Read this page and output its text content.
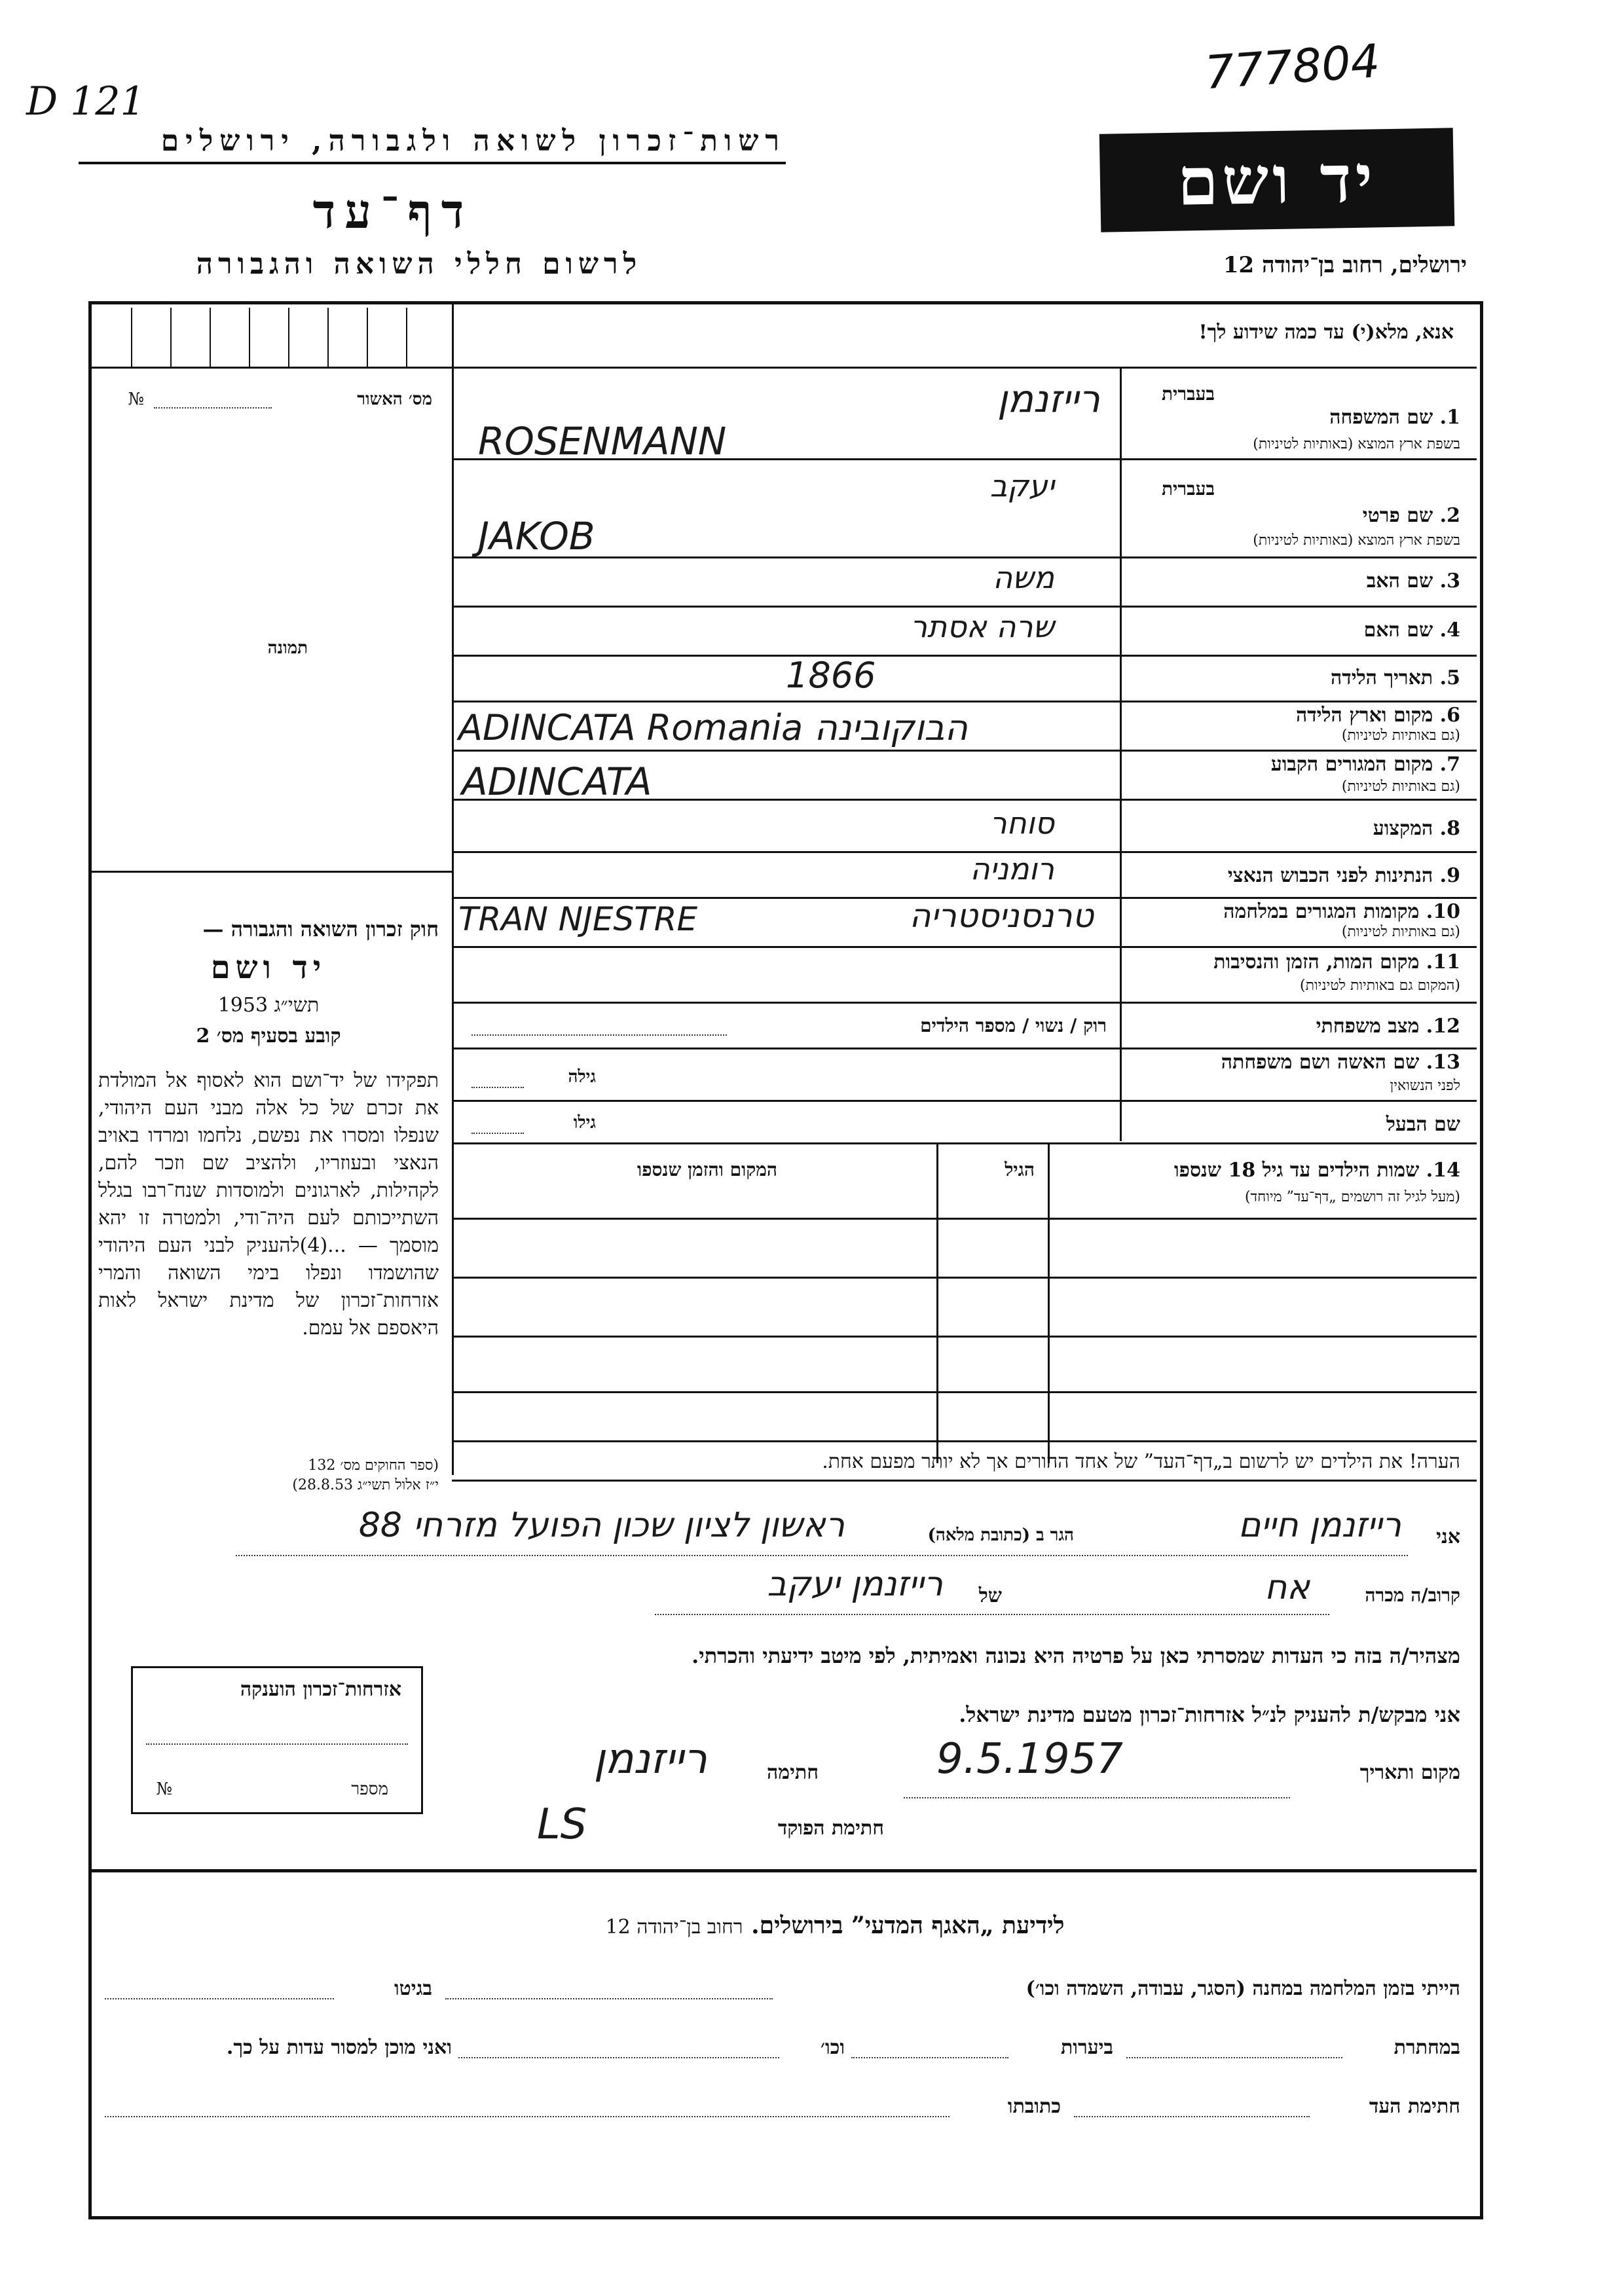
D 121
777804
רשות־זכרון לשואה ולגבורה, ירושלים
דף־עד
לרשום חללי השואה והגבורה
יד ושם
ירושלים, רחוב בן־יהודה 12
אנא, מלא(י) עד כמה שידוע לך!
מס׳ האשור
№
תמונה
בעברית
1. שם המשפחה
בשפת ארץ המוצא (באותיות לטיניות)
רייזנמן
ROSENMANN
בעברית
2. שם פרטי
בשפת ארץ המוצא (באותיות לטיניות)
יעקב
JAKOB
3. שם האב
משה
4. שם האם
שרה אסתר
5. תאריך הלידה
1866
6. מקום וארץ הלידה
(גם באותיות לטיניות)
ADINCATA Romania הבוקובינה
7. מקום המגורים הקבוע
(גם באותיות לטיניות)
ADINCATA
8. המקצוע
סוחר
9. הנתינות לפני הכבוש הנאצי
רומניה
10. מקומות המגורים במלחמה
(גם באותיות לטיניות)
TRAN NJESTRE	טרנסניסטריה
11. מקום המות, הזמן והנסיבות
(המקום גם באותיות לטיניות)
12. מצב משפחתי
רוק / נשוי / מספר הילדים
13. שם האשה ושם משפחתה
לפני הנשואין
גילה
שם הבעל
גילו
14. שמות הילדים עד גיל 18 שנספו
(מעל לגיל זה רושמים „דף־עד” מיוחד)
הגיל
המקום והזמן שנספו
חוק זכרון השואה והגבורה —
יד ושם
תשי״ג 1953
קובע בסעיף מס׳ 2
תפקידו של יד־ושם הוא לאסוף אל המולדת את זכרם של כל אלה מבני העם היהודי, שנפלו ומסרו את נפשם, נלחמו ומרדו באויב הנאצי ובעוזריו, ולהציב שם וזכר להם, לקהילות, לארגונים ולמוסדות שנח־רבו בגלל השתייכותם לעם היה־ודי, ולמטרה זו יהא מוסמך — ...(4)להעניק לבני העם היהודי שהושמדו ונפלו בימי השואה והמרי אזרחות־זכרון של מדינת ישראל לאות היאספם אל עמם.
(ספר החוקים מס׳ 132
י״ז אלול תשי״ג 28.8.53)
הערה! את הילדים יש לרשום ב„דף־העד” של אחד ההורים אך לא יותר מפעם אחת.
אני
רייזנמן חיים
הגר ב (כתובת מלאה)
ראשון לציון שכון הפועל מזרחי 88
קרוב/ה מכרה
אח
של
רייזנמן יעקב
מצהיר/ה בזה כי העדות שמסרתי כאן על פרטיה היא נכונה ואמיתית, לפי מיטב ידיעתי והכרתי.
אני מבקש/ת להעניק לנ״ל אזרחות־זכרון מטעם מדינת ישראל.
מקום ותאריך
9.5.1957
חתימה
רייזנמן
חתימת הפוקד
LS
אזרחות־זכרון הוענקה
מספר
№
לידיעת „האגף המדעי” בירושלים. רחוב בן־יהודה 12
הייתי בזמן המלחמה במחנה (הסגר, עבודה, השמדה וכו׳)
בגיטו
במחתרת
ביערות
וכו׳
ואני מוכן למסור עדות על כך.
חתימת העד
כתובתו
